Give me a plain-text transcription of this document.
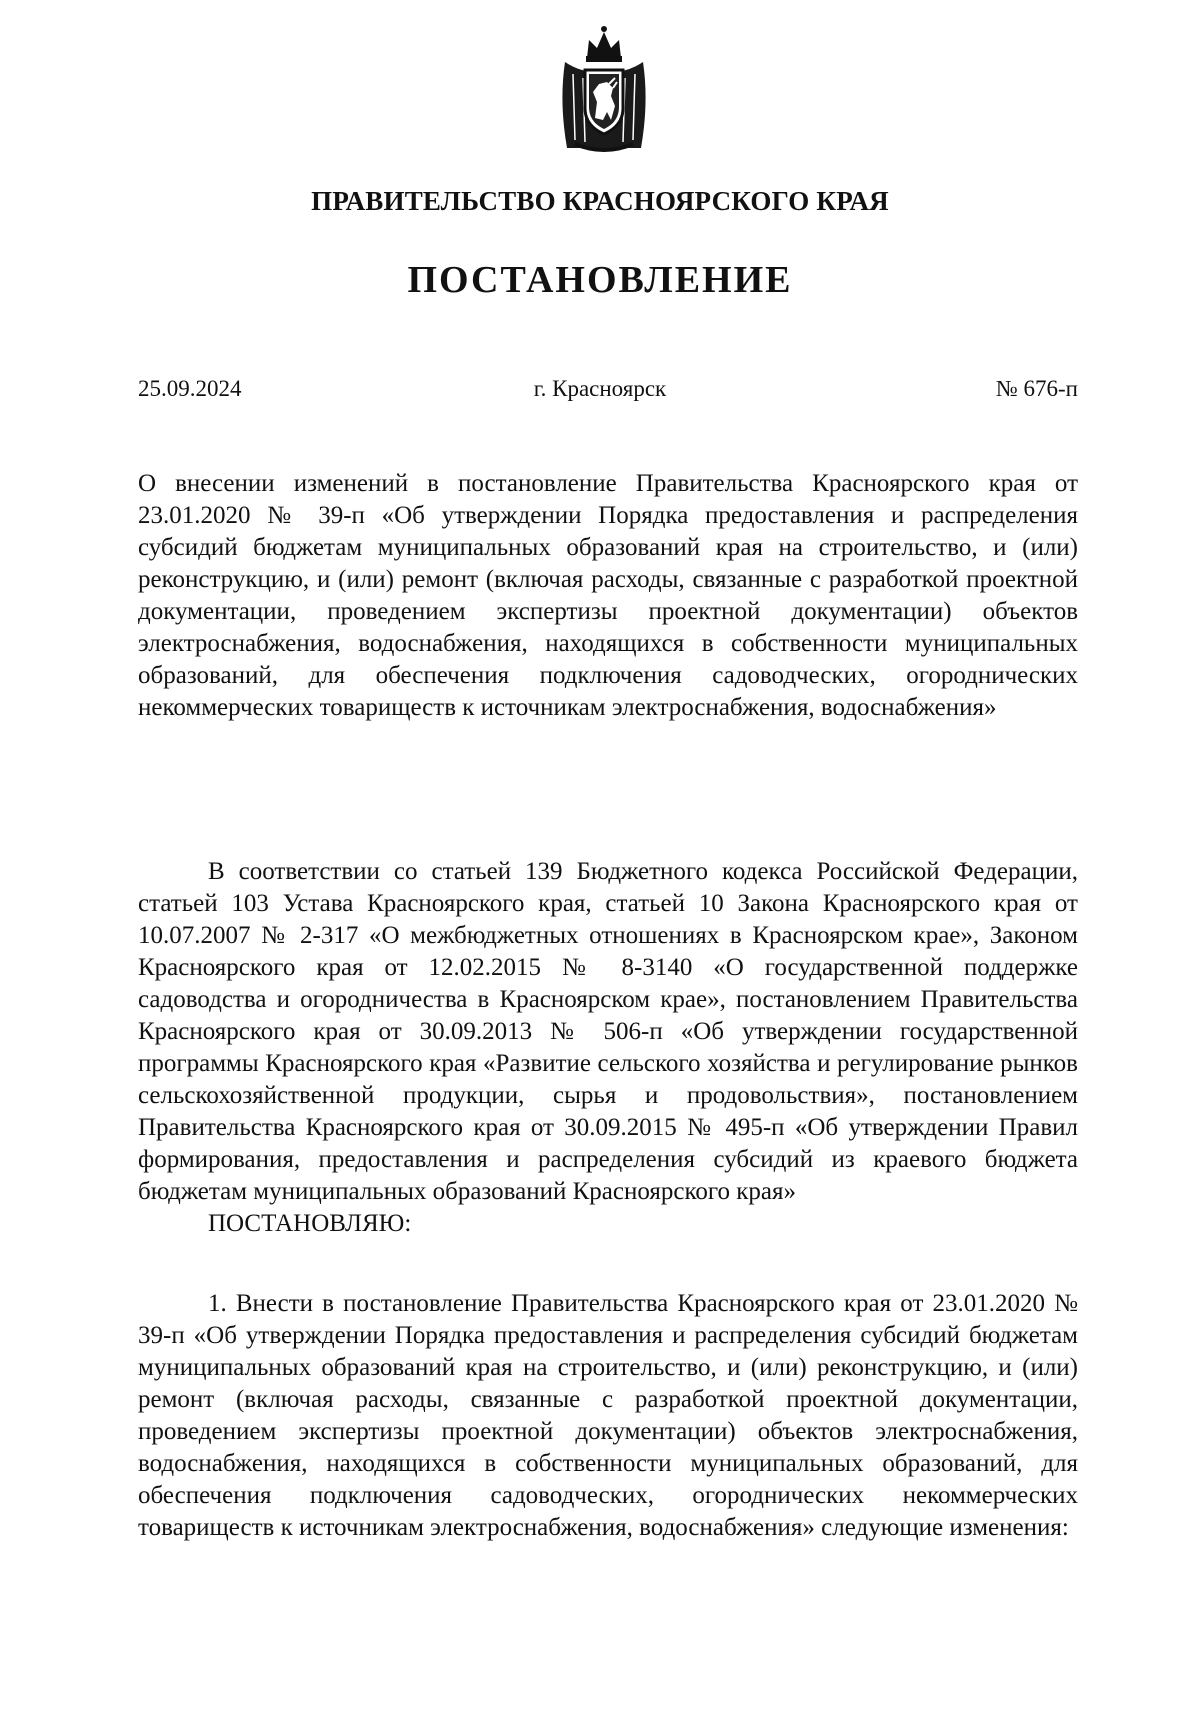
ПРАВИТЕЛЬСТВО КРАСНОЯРСКОГО КРАЯ
ПОСТАНОВЛЕНИЕ
25.09.2024	г. Красноярск	№ 676-п
О внесении изменений в постановление Правительства Красноярского края от 23.01.2020 № 39-п «Об утверждении Порядка предоставления и распределения субсидий бюджетам муниципальных образований края на строительство, и (или) реконструкцию, и (или) ремонт (включая расходы, связанные с разработкой проектной документации, проведением экспертизы проектной документации) объектов электроснабжения, водоснабжения, находящихся в собственности муниципальных образований, для обеспечения подключения садоводческих, огороднических некоммерческих товариществ к источникам электроснабжения, водоснабжения»
В соответствии со статьей 139 Бюджетного кодекса Российской Федерации, статьей 103 Устава Красноярского края, статьей 10 Закона Красноярского края от 10.07.2007 № 2-317 «О межбюджетных отношениях в Красноярском крае», Законом Красноярского края от 12.02.2015 № 8-3140 «О государственной поддержке садоводства и огородничества в Красноярском крае», постановлением Правительства Красноярского края от 30.09.2013 № 506-п «Об утверждении государственной программы Красноярского края «Развитие сельского хозяйства и регулирование рынков сельскохозяйственной продукции, сырья и продовольствия», постановлением Правительства Красноярского края от 30.09.2015 № 495-п «Об утверждении Правил формирования, предоставления и распределения субсидий из краевого бюджета бюджетам муниципальных образований Красноярского края»
ПОСТАНОВЛЯЮ:
1. Внести в постановление Правительства Красноярского края от 23.01.2020 № 39-п «Об утверждении Порядка предоставления и распределения субсидий бюджетам муниципальных образований края на строительство, и (или) реконструкцию, и (или) ремонт (включая расходы, связанные с разработкой проектной документации, проведением экспертизы проектной документации) объектов электроснабжения, водоснабжения, находящихся в собственности муниципальных образований, для обеспечения подключения садоводческих, огороднических некоммерческих товариществ к источникам электроснабжения, водоснабжения» следующие изменения:
